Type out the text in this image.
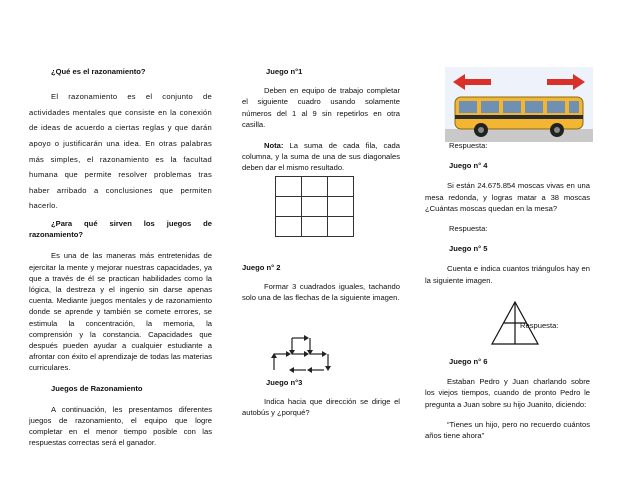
¿Qué es el razonamiento?

El razonamiento es el conjunto de actividades mentales que consiste en la conexión de ideas de acuerdo a ciertas reglas y que darán apoyo o justificarán una idea. En otras palabras más simples, el razonamiento es la facultad humana que permite resolver problemas tras haber arribado a conclusiones que permiten hacerlo.

¿Para qué sirven los juegos de razonamiento?

Es una de las maneras más entretenidas de ejercitar la mente y mejorar nuestras capacidades, ya que a través de él se practican habilidades como la lógica, la destreza y el ingenio sin darse apenas cuenta. Mediante juegos mentales y de razonamiento donde se aprende y también se comete errores, se estimula la concentración, la memoria, la comprensión y la constancia. Capacidades que después pueden ayudar a cualquier estudiante a afrontar con éxito el aprendizaje de todas las materias curriculares.

Juegos de Razonamiento

A continuación, les presentamos diferentes juegos de razonamiento, el equipo que logre completar en el menor tiempo posible con las respuestas correctas será el ganador.

Juego n°1

Deben en equipo de trabajo completar el siguiente cuadro usando solamente números del 1 al 9 sin repetirlos en otra casilla.

Nota: La suma de cada fila, cada columna, y la suma de una de sus diagonales deben dar el mismo resultado.

Juego n° 2

Formar 3 cuadrados iguales, tachando solo una de las flechas de la siguiente imagen.

Juego n°3

Indica hacia que dirección se dirige el autobús y ¿porqué?

Respuesta:

Juego n° 4

Si están 24.675.854 moscas vivas en una mesa redonda, y logras matar a 38 moscas ¿Cuántas moscas quedan en la mesa?

Respuesta:

Juego n° 5

Cuenta e indica cuantos triángulos hay en la siguiente imagen.

Respuesta:

Juego n° 6

Estaban Pedro y Juan charlando sobre los viejos tiempos, cuando de pronto Pedro le pregunta a Juan sobre su hijo Juanito, diciendo:

“Tienes un hijo, pero no recuerdo cuántos años tiene ahora”
